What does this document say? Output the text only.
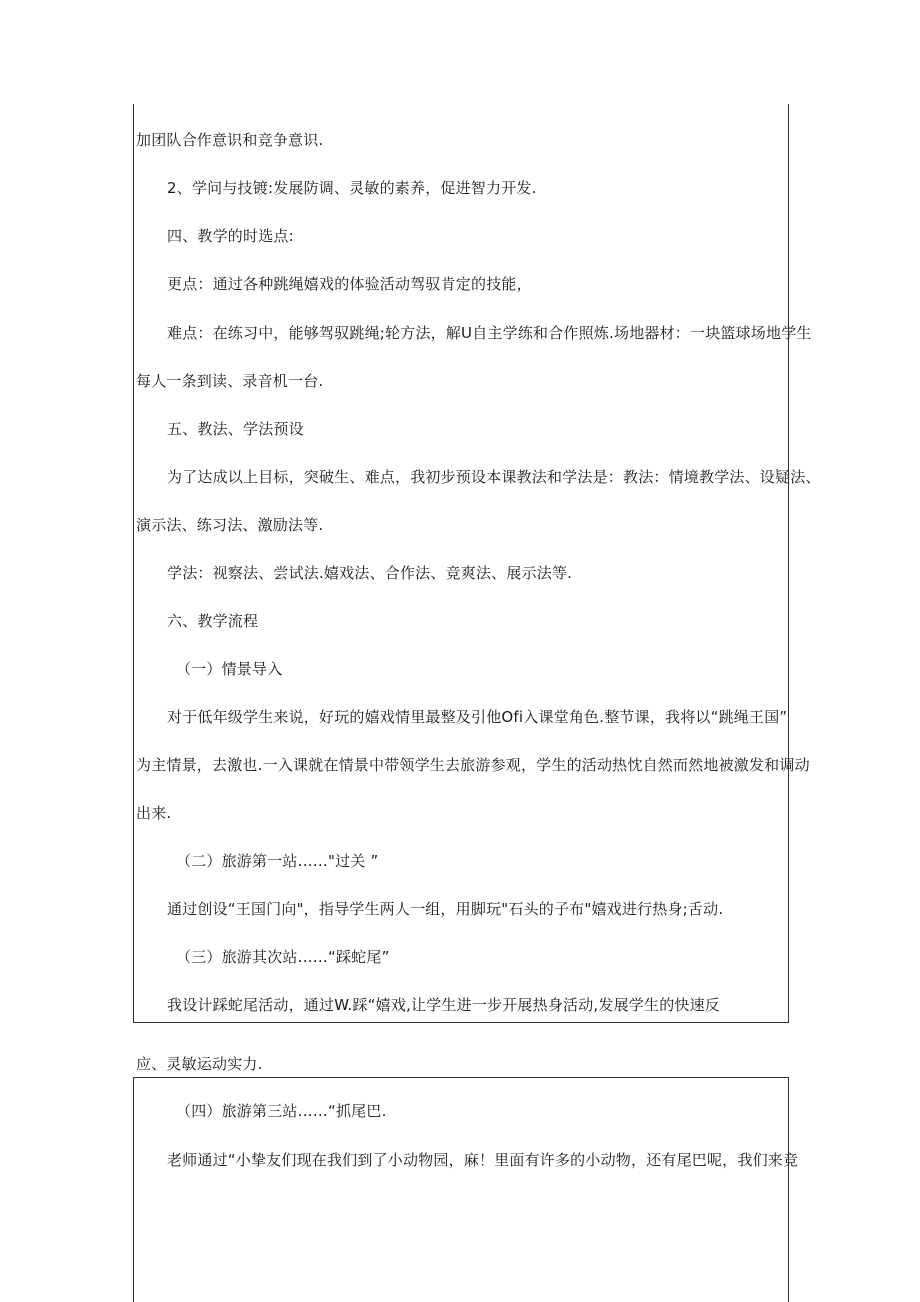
加团队合作意识和竞争意识.
2、学问与技镀:发展防调、灵敏的素养，促进智力开发.
四、教学的时选点:
更点：通过各种跳绳嬉戏的体验活动驾驭肯定的技能，
难点：在练习中，能够驾驭跳绳;轮方法，解U自主学练和合作照炼.场地器材：一块篮球场地学生
每人一条到读、录音机一台.
五、教法、学法预设
为了达成以上目标，突破生、难点，我初步预设本课教法和学法是：教法：情境教学法、设疑法、
演示法、练习法、激励法等.
学法：视察法、尝试法.嬉戏法、合作法、竞爽法、展示法等.
六、教学流程
（一）情景导入
对于低年级学生来说，好玩的嬉戏情里最整及引他Ofi入课堂角色.整节课，我将以“跳绳王国”
为主情景，去激也.一入课就在情景中带领学生去旅游参观，学生的活动热忱自然而然地被激发和调动
出来.
（二）旅游第一站……"过关 ”
通过创设“王国门向"，指导学生两人一组，用脚玩"石头的子布"嬉戏进行热身;舌动.
（三）旅游其次站……“踩蛇尾”
我设计踩蛇尾活动，通过W.踩“嬉戏,让学生进一步开展热身活动,发展学生的快速反
应、灵敏运动实力.
（四）旅游第三站……“抓尾巴.
老师通过“小挚友们现在我们到了小动物园，麻！里面有许多的小动物，还有尾巴呢，我们来竞
